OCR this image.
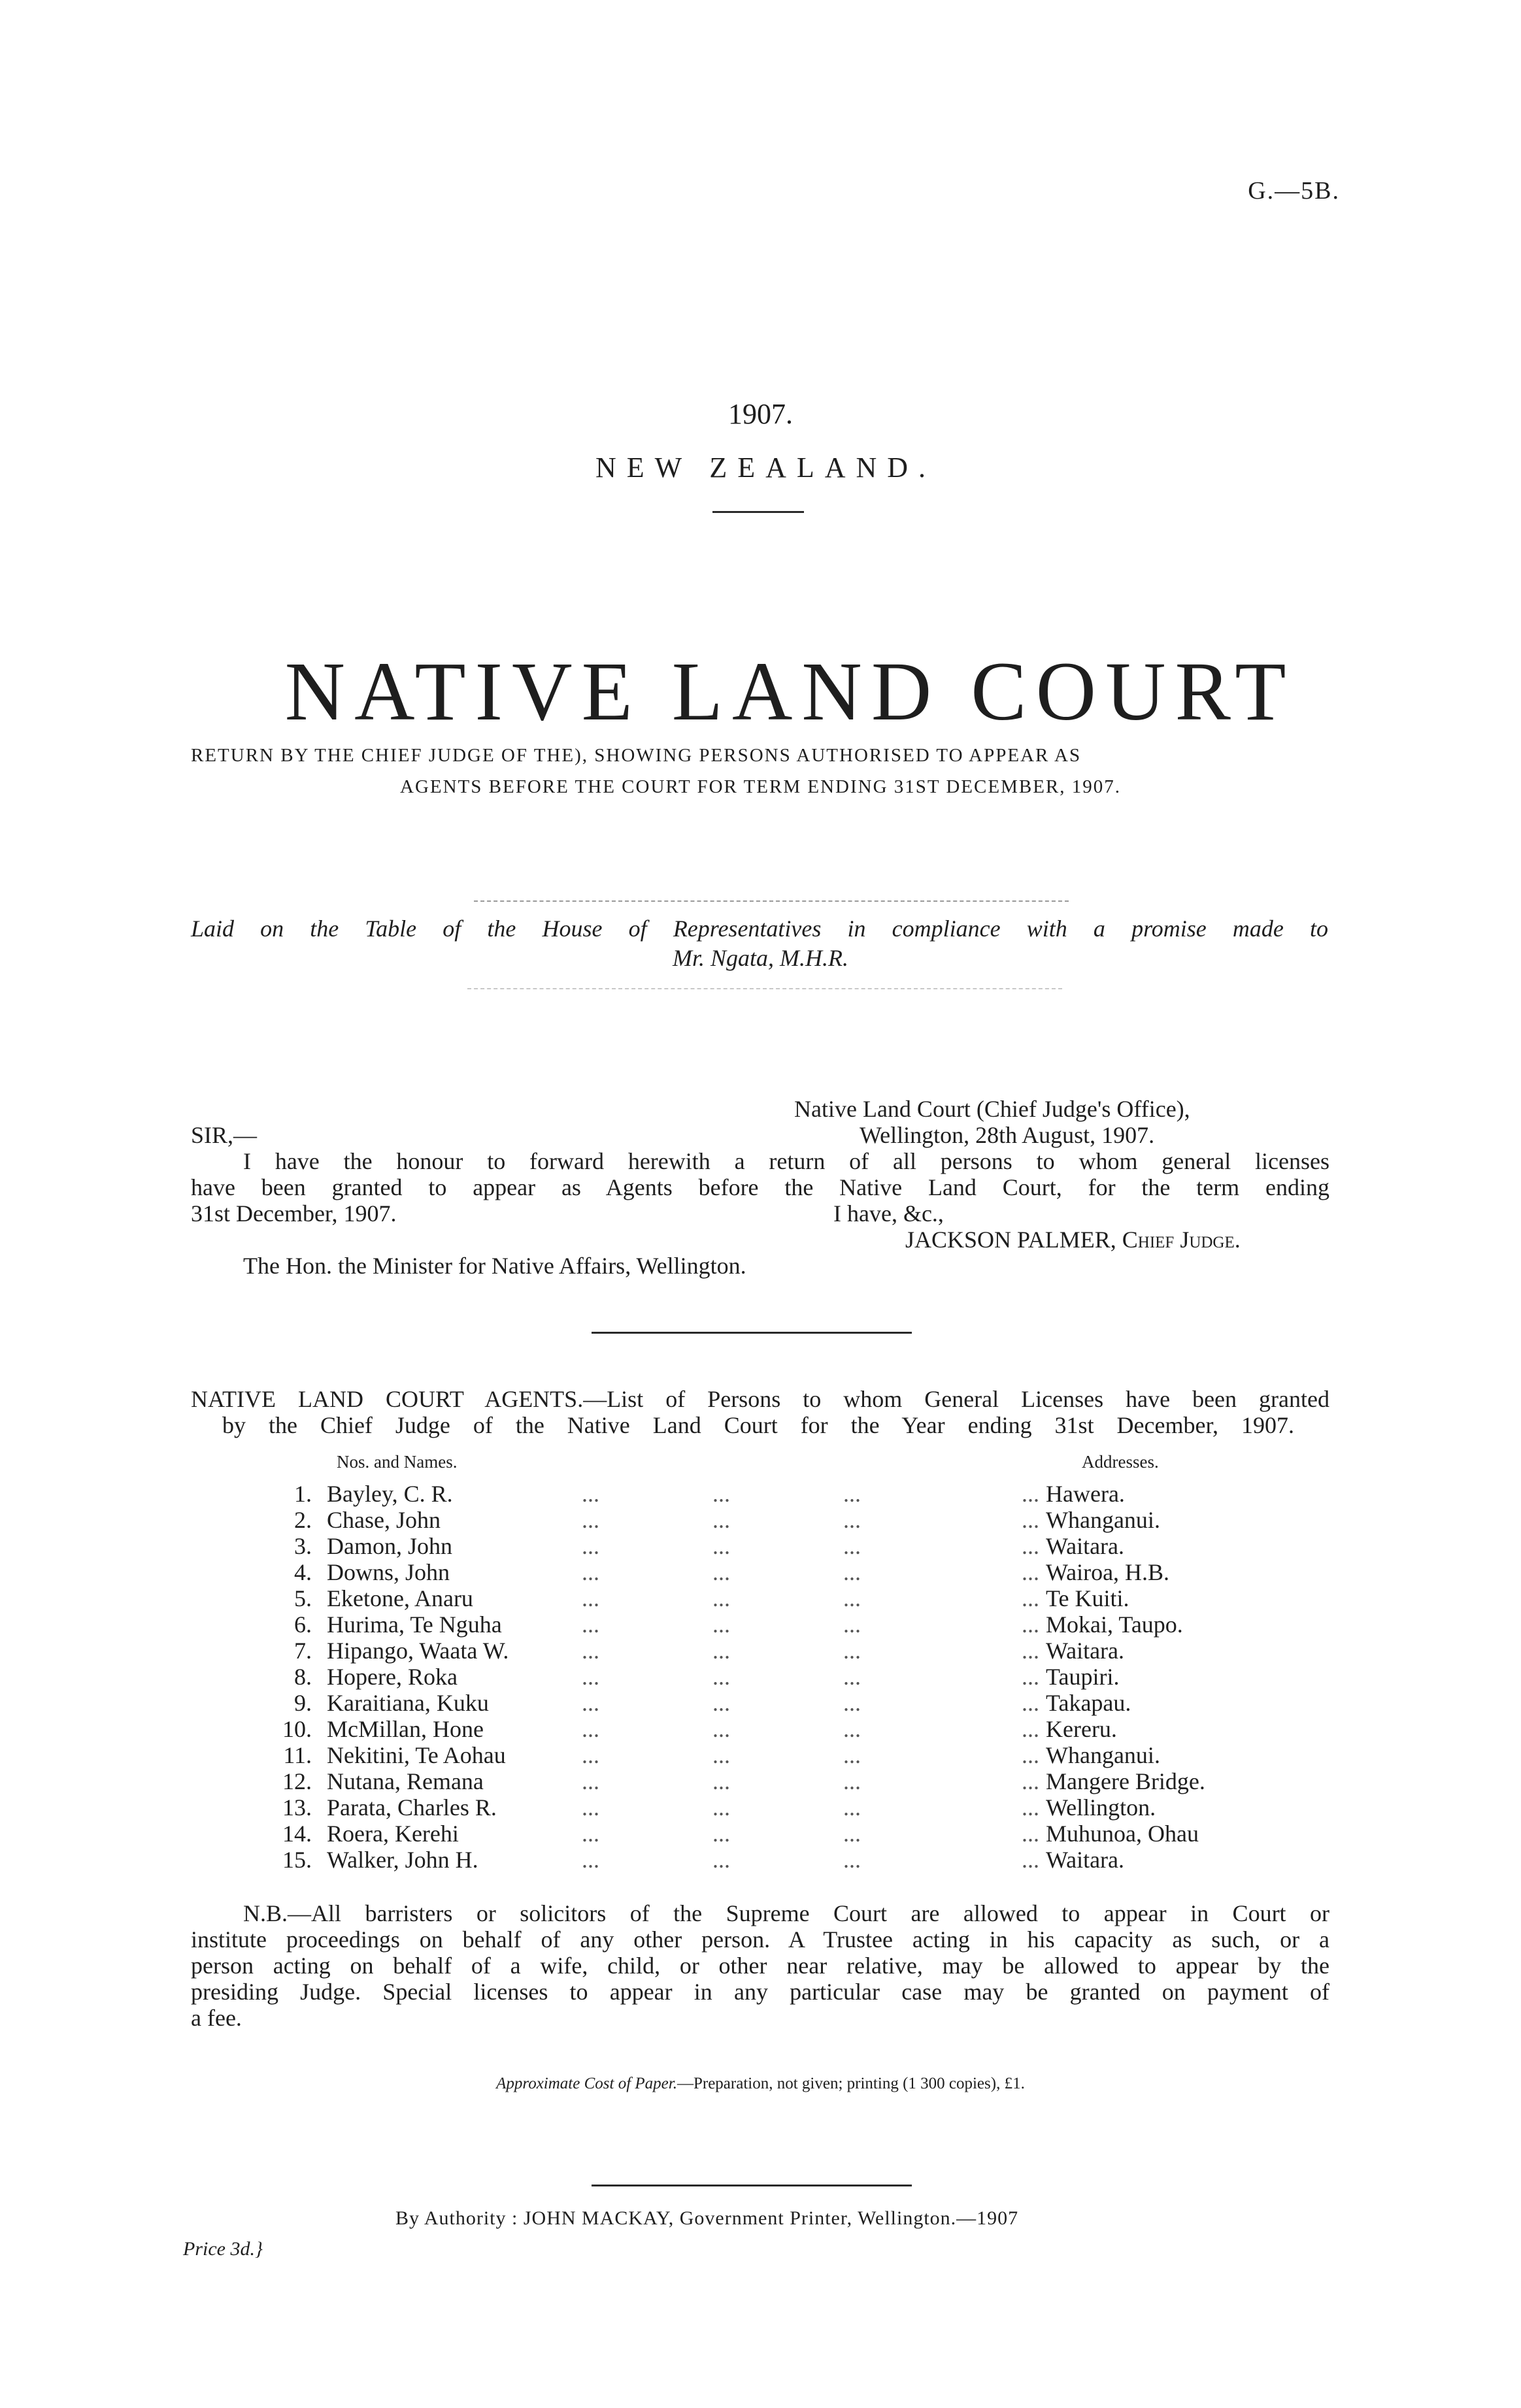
G.—5B.
1907.
NEW ZEALAND.
NATIVE LAND COURT
RETURN BY THE CHIEF JUDGE OF THE), SHOWING PERSONS AUTHORISED TO APPEAR AS
AGENTS BEFORE THE COURT FOR TERM ENDING 31ST DECEMBER, 1907.
Laid on the Table of the House of Representatives in compliance with a promise made to
Mr. Ngata, M.H.R.
Native Land Court (Chief Judge's Office),
SIR,—	Wellington, 28th August, 1907.
I have the honour to forward herewith a return of all persons to whom general licenses
have been granted to appear as Agents before the Native Land Court, for the term ending
31st December, 1907.	I have, &c.,
JACKSON PALMER, Chief Judge.
The Hon. the Minister for Native Affairs, Wellington.
NATIVE LAND COURT AGENTS.—List of Persons to whom General Licenses have been granted
by the Chief Judge of the Native Land Court for the Year ending 31st December, 1907.
Nos. and Names.	Addresses.
1. Bayley, C. R.	...	...	...	... Hawera.
2. Chase, John	...	...	...	... Whanganui.
3. Damon, John	...	...	...	... Waitara.
4. Downs, John	...	...	...	... Wairoa, H.B.
5. Eketone, Anaru	...	...	...	... Te Kuiti.
6. Hurima, Te Nguha	...	...	...	... Mokai, Taupo.
7. Hipango, Waata W.	...	...	...	... Waitara.
8. Hopere, Roka	...	...	...	... Taupiri.
9. Karaitiana, Kuku	...	...	...	... Takapau.
10. McMillan, Hone	...	...	...	... Kereru.
11. Nekitini, Te Aohau	...	...	...	... Whanganui.
12. Nutana, Remana	...	...	...	... Mangere Bridge.
13. Parata, Charles R.	...	...	...	... Wellington.
14. Roera, Kerehi	...	...	...	... Muhunoa, Ohau
15. Walker, John H.	...	...	...	... Waitara.
N.B.—All barristers or solicitors of the Supreme Court are allowed to appear in Court or
institute proceedings on behalf of any other person. A Trustee acting in his capacity as such, or a
person acting on behalf of a wife, child, or other near relative, may be allowed to appear by the
presiding Judge. Special licenses to appear in any particular case may be granted on payment of
a fee.
Approximate Cost of Paper.—Preparation, not given; printing (1 300 copies), £1.
By Authority : JOHN MACKAY, Government Printer, Wellington.—1907
Price 3d.}
